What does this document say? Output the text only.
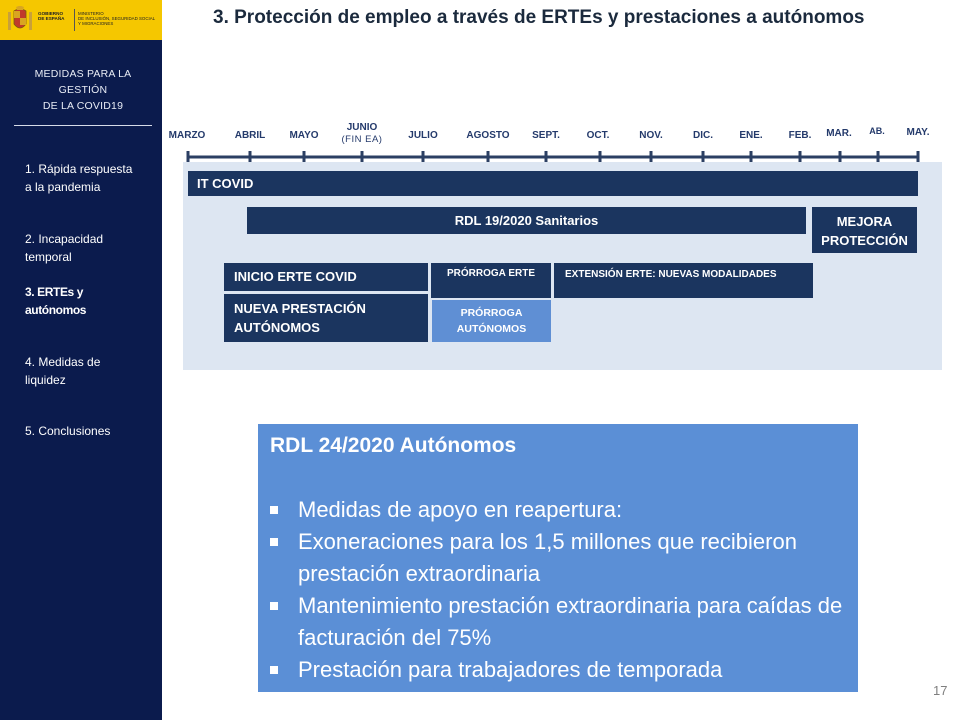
GOBIERNO
DE ESPAÑA
MINISTERIO
DE INCLUSIÓN, SEGURIDAD SOCIAL
Y MIGRACIONES
MEDIDAS PARA LA
GESTIÓN
DE LA COVID19
1. Rápida respuesta
a la pandemia
2. Incapacidad
temporal
3. ERTEs y
autónomos
4. Medidas de
liquidez
5. Conclusiones
3. Protección de empleo a través de ERTEs y prestaciones a autónomos
MARZO	ABRIL MAYO
JUNIO
(FIN EA)	JULIO	AGOSTO SEPT.	OCT.	NOV.	DIC.	ENE.	FEB. MAR. AB. MAY.
IT COVID
RDL 19/2020 Sanitarios	MEJORA
PROTECCIÓN
INICIO ERTE COVID	PRÓRROGA ERTE	EXTENSIÓN ERTE: NUEVAS MODALIDADES
NUEVA PRESTACIÓN
AUTÓNOMOS
PRÓRROGA
AUTÓNOMOS
RDL 24/2020 Autónomos
Medidas de apoyo en reapertura:
Exoneraciones para los 1,5 millones que recibieron prestación extraordinaria
Mantenimiento prestación extraordinaria para caídas de facturación del 75%
Prestación para trabajadores de temporada
17
